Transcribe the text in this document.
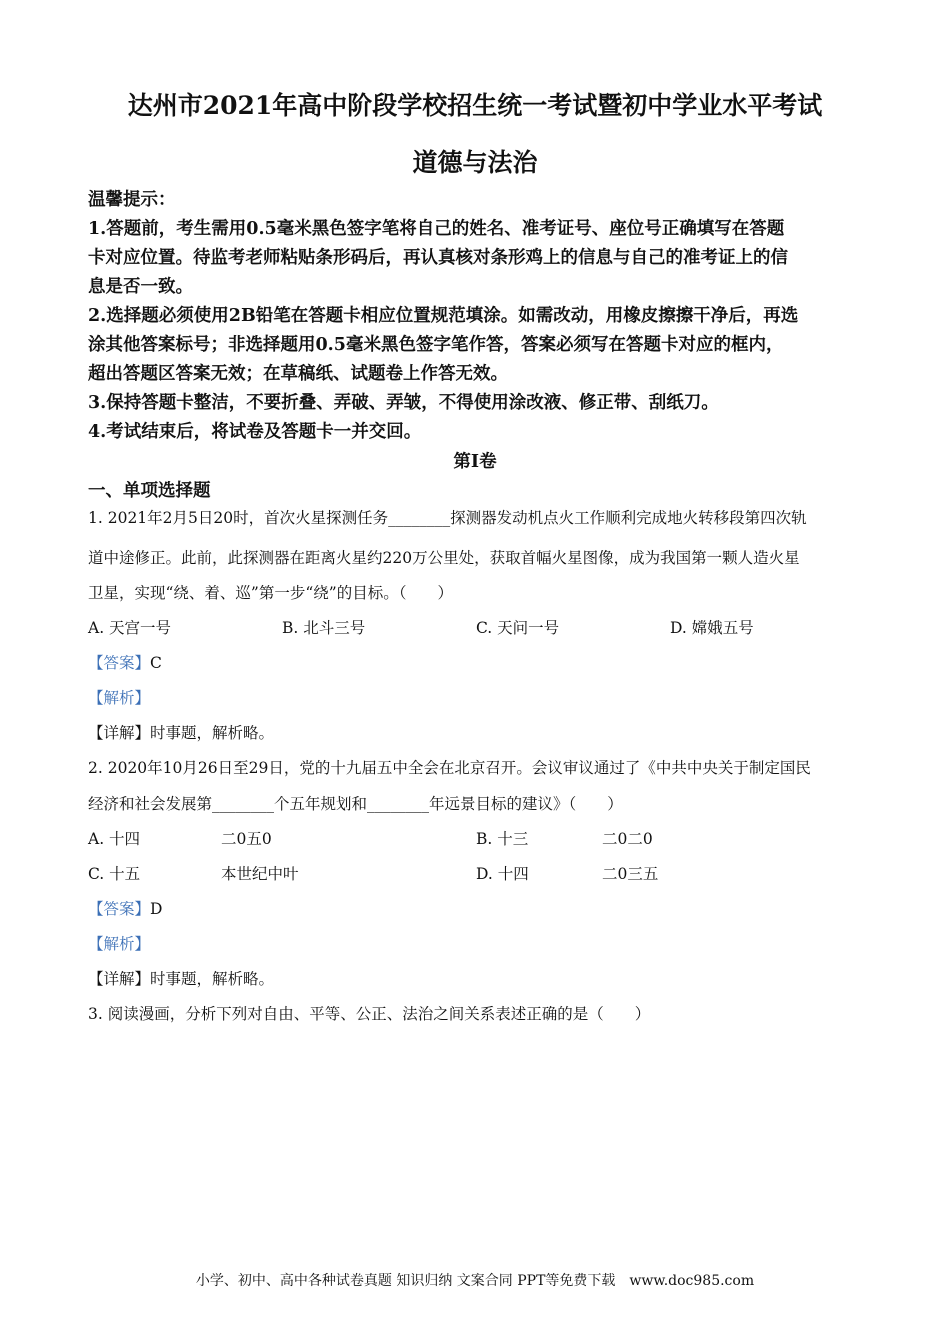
达州市2021年高中阶段学校招生统一考试暨初中学业水平考试
道德与法治
温馨提示：
1.答题前，考生需用0.5毫米黑色签字笔将自己的姓名、准考证号、座位号正确填写在答题
卡对应位置。待监考老师粘贴条形码后，再认真核对条形鸡上的信息与自己的准考证上的信
息是否一致。
2.选择题必须使用2B铅笔在答题卡相应位置规范填涂。如需改动，用橡皮擦擦干净后，再选
涂其他答案标号；非选择题用0.5毫米黑色签字笔作答，答案必须写在答题卡对应的框内，
超出答题区答案无效；在草稿纸、试题卷上作答无效。
3.保持答题卡整洁，不要折叠、弄破、弄皱，不得使用涂改液、修正带、刮纸刀。
4.考试结束后，将试卷及答题卡一并交回。
第Ⅰ卷
一、单项选择题
1. 2021年2月5日20时，首次火星探测任务________探测器发动机点火工作顺利完成地火转移段第四次轨
道中途修正。此前，此探测器在距离火星约220万公里处，获取首幅火星图像，成为我国第一颗人造火星
卫星，实现“绕、着、巡”第一步“绕”的目标。（　　）
A. 天宫一号	B. 北斗三号	C. 天问一号	D. 嫦娥五号
【答案】C
【解析】
【详解】时事题，解析略。
2. 2020年10月26日至29日，党的十九届五中全会在北京召开。会议审议通过了《中共中央关于制定国民
经济和社会发展第________个五年规划和________年远景目标的建议》（　　）
A. 十四	二0五0	B. 十三	二0二0
C. 十五	本世纪中叶	D. 十四	二0三五
【答案】D
【解析】
【详解】时事题，解析略。
3. 阅读漫画，分析下列对自由、平等、公正、法治之间关系表述正确的是（　　）
小学、初中、高中各种试卷真题 知识归纳 文案合同 PPT等免费下载　www.doc985.com
